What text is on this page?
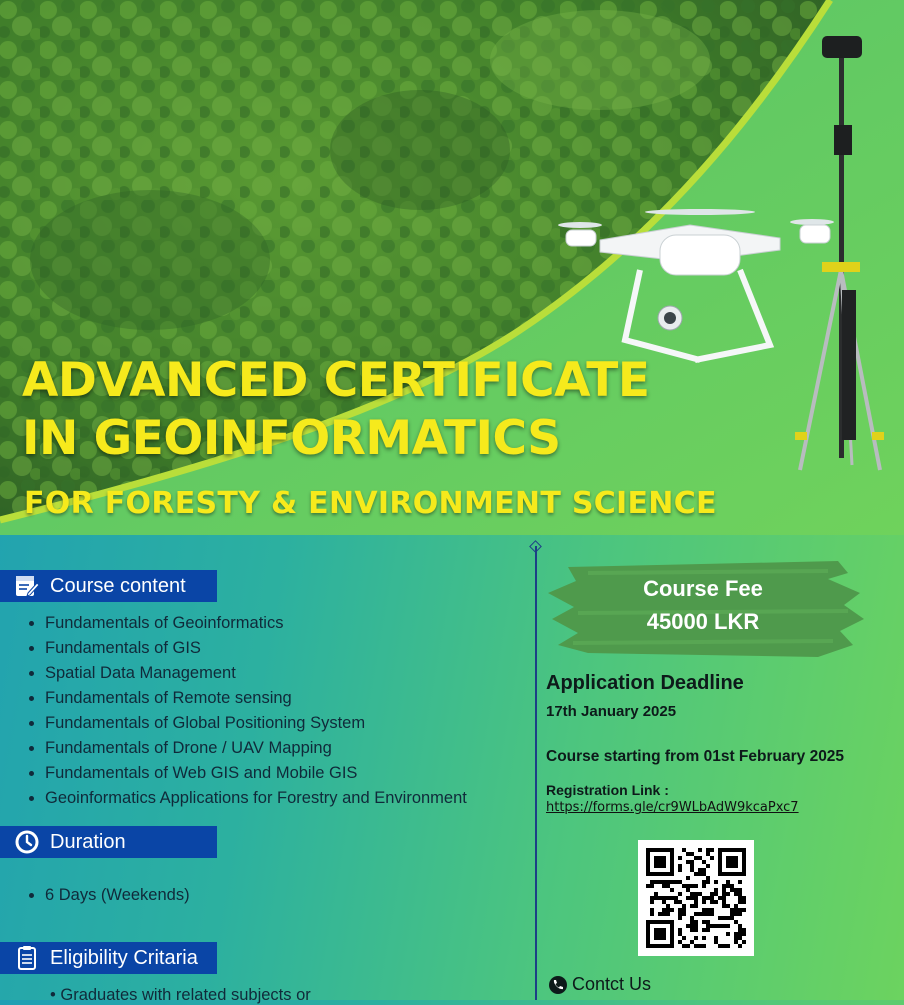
ADVANCED CERTIFICATE
IN GEOINFORMATICS
FOR FORESTY & ENVIRONMENT SCIENCE
Course content
• Fundamentals of Geoinformatics
• Fundamentals of GIS
• Spatial Data Management
• Fundamentals of Remote sensing
• Fundamentals of Global Positioning System
• Fundamentals of Drone / UAV Mapping
• Fundamentals of Web GIS and Mobile GIS
• Geoinformatics Applications for Forestry and Environment
Duration
• 6 Days (Weekends)
Eligibility Critaria
• Graduates with related subjects or
Course Fee
45000 LKR
Application Deadline
17th January 2025
Course starting from 01st February 2025
Registration Link :
https://forms.gle/cr9WLbAdW9kcaPxc7
Contct Us
